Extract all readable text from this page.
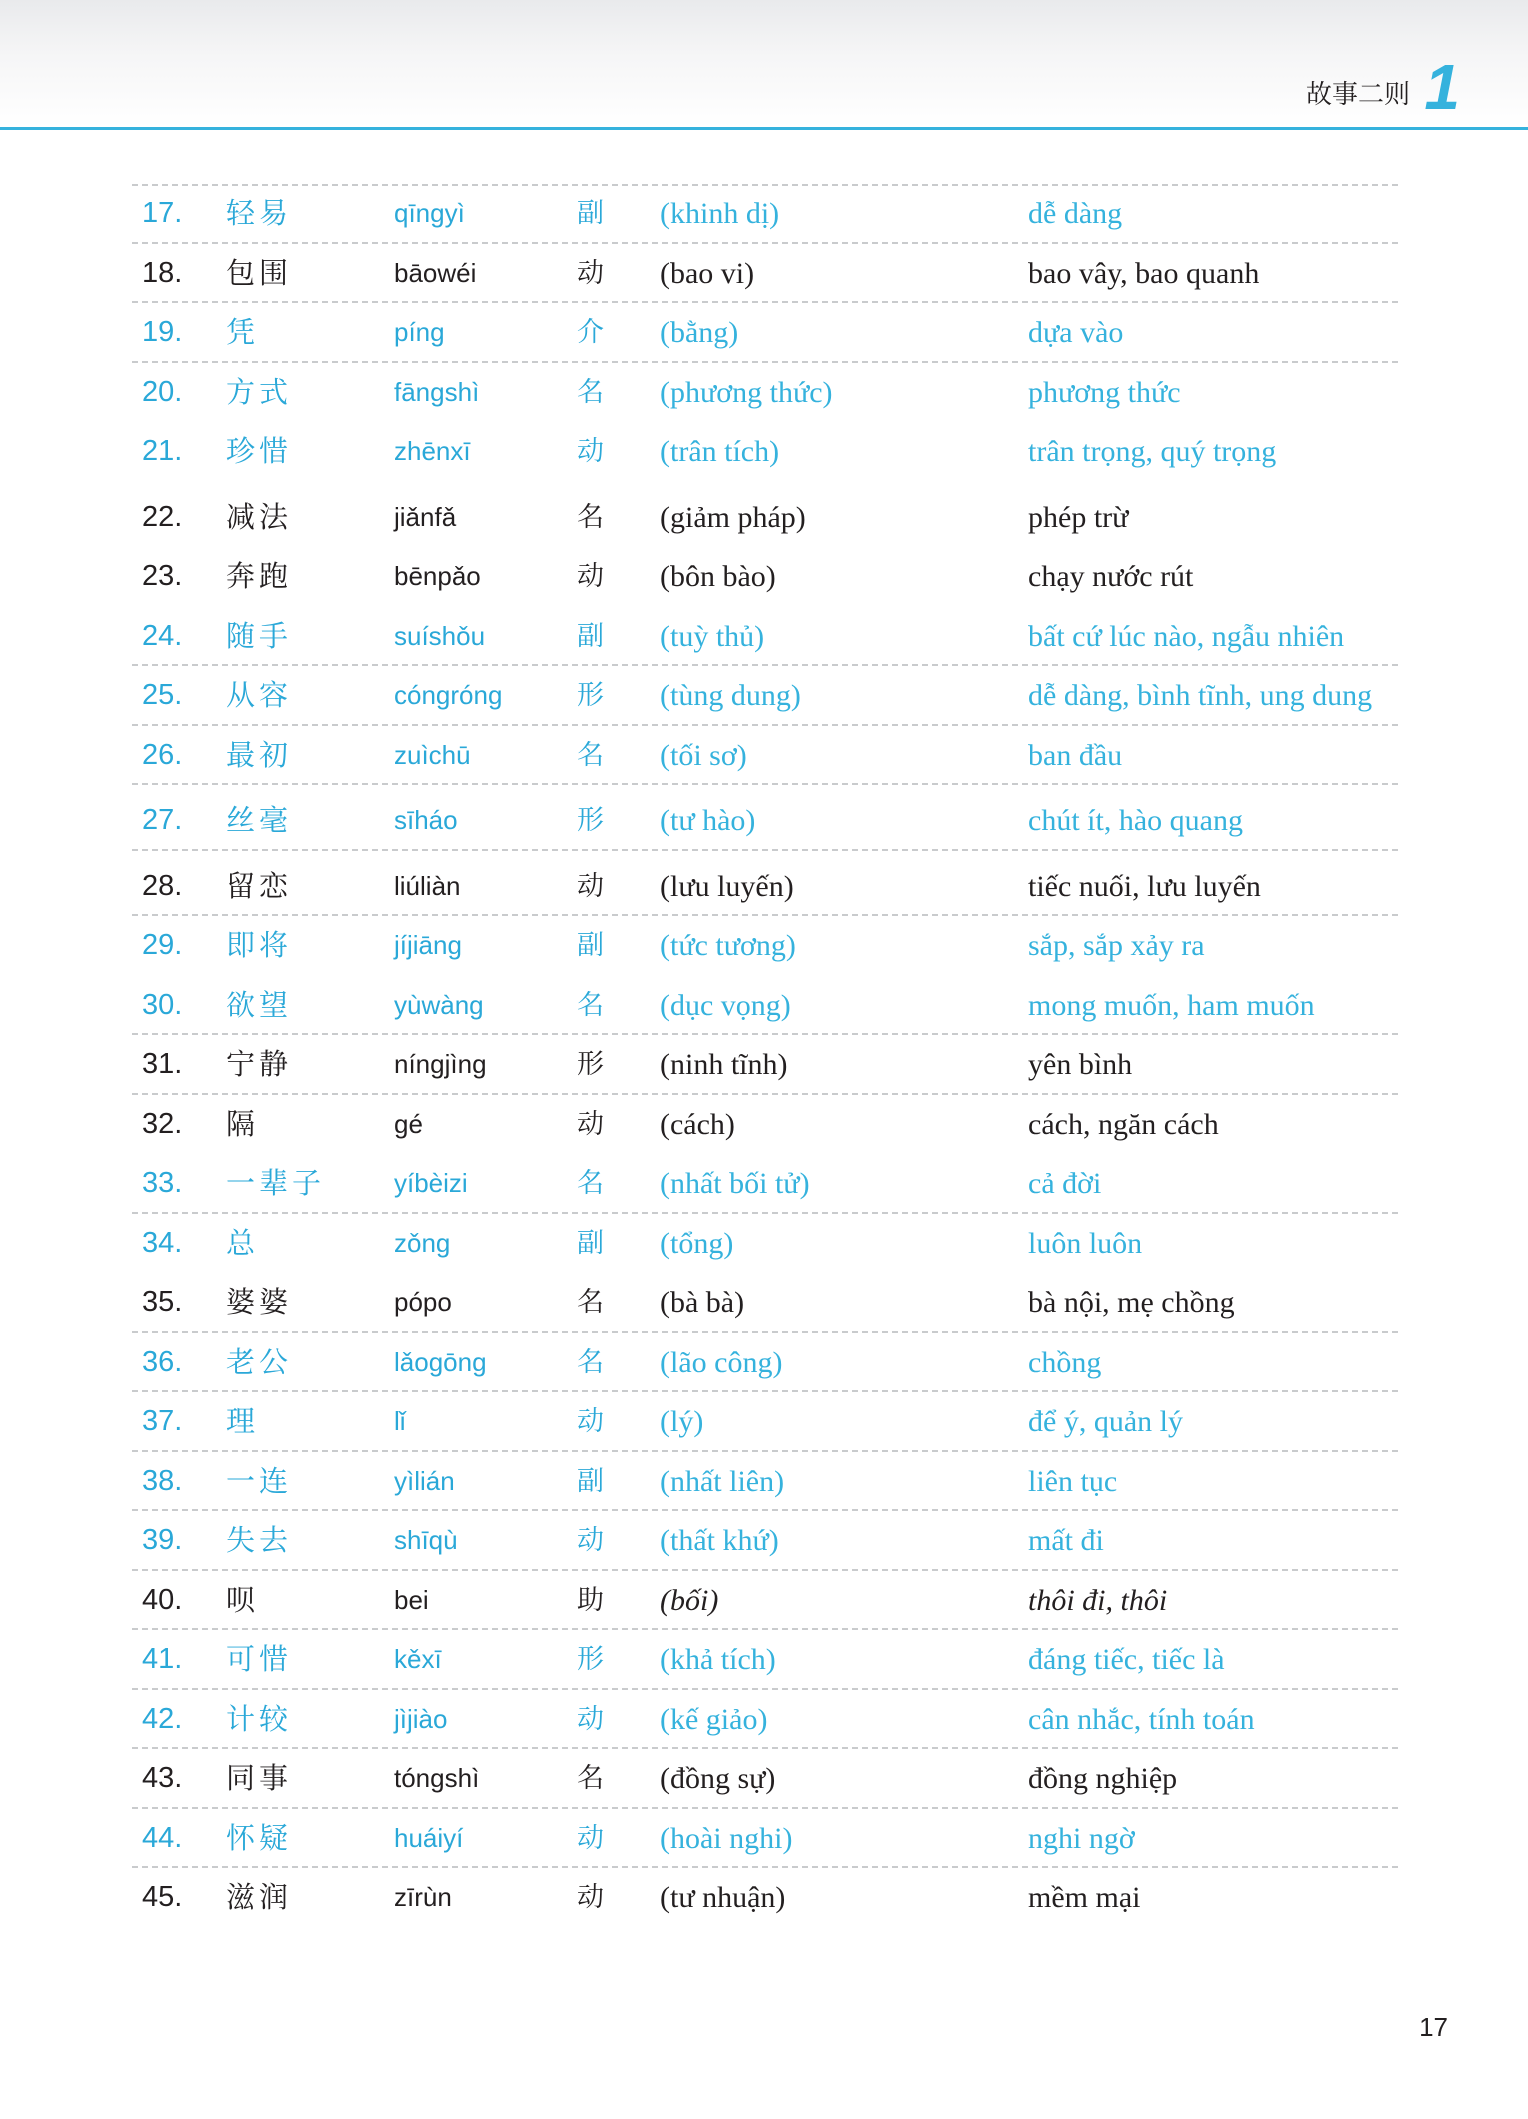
故事二则 1
17. 轻易	qīngyì	副 (khinh dị)	dễ dàng
18. 包围	bāowéi	动 (bao vi)	bao vây, bao quanh
19. 凭	píng	介 (bằng)	dựa vào
20. 方式	fāngshì	名 (phương thức)	phương thức
21. 珍惜	zhēnxī	动 (trân tích)	trân trọng, quý trọng
22. 减法	jiǎnfǎ	名 (giảm pháp)	phép trừ
23. 奔跑	bēnpǎo	动 (bôn bào)	chạy nước rút
24. 随手	suíshǒu	副 (tuỳ thủ)	bất cứ lúc nào, ngẫu nhiên
25. 从容	cóngróng	形 (tùng dung)	dễ dàng, bình tĩnh, ung dung
26. 最初	zuìchū	名 (tối sơ)	ban đầu
27. 丝毫	sīháo	形 (tư hào)	chút ít, hào quang
28. 留恋	liúliàn	动 (lưu luyến)	tiếc nuối, lưu luyến
29. 即将	jíjiāng	副 (tức tương)	sắp, sắp xảy ra
30. 欲望	yùwàng	名 (dục vọng)	mong muốn, ham muốn
31. 宁静	níngjìng	形 (ninh tĩnh)	yên bình
32. 隔	gé	动 (cách)	cách, ngăn cách
33. 一辈子	yíbèizi	名 (nhất bối tử)	cả đời
34. 总	zǒng	副 (tổng)	luôn luôn
35. 婆婆	pópo	名 (bà bà)	bà nội, mẹ chồng
36. 老公	lǎogōng	名 (lão công)	chồng
37. 理	lǐ	动 (lý)	để ý, quản lý
38. 一连	yìlián	副 (nhất liên)	liên tục
39. 失去	shīqù	动 (thất khứ)	mất đi
40. 呗	bei	助 (bối)	thôi đi, thôi
41. 可惜	kěxī	形 (khả tích)	đáng tiếc, tiếc là
42. 计较	jìjiào	动 (kế giảo)	cân nhắc, tính toán
43. 同事	tóngshì	名 (đồng sự)	đồng nghiệp
44. 怀疑	huáiyí	动 (hoài nghi)	nghi ngờ
45. 滋润	zīrùn	动 (tư nhuận)	mềm mại
17
